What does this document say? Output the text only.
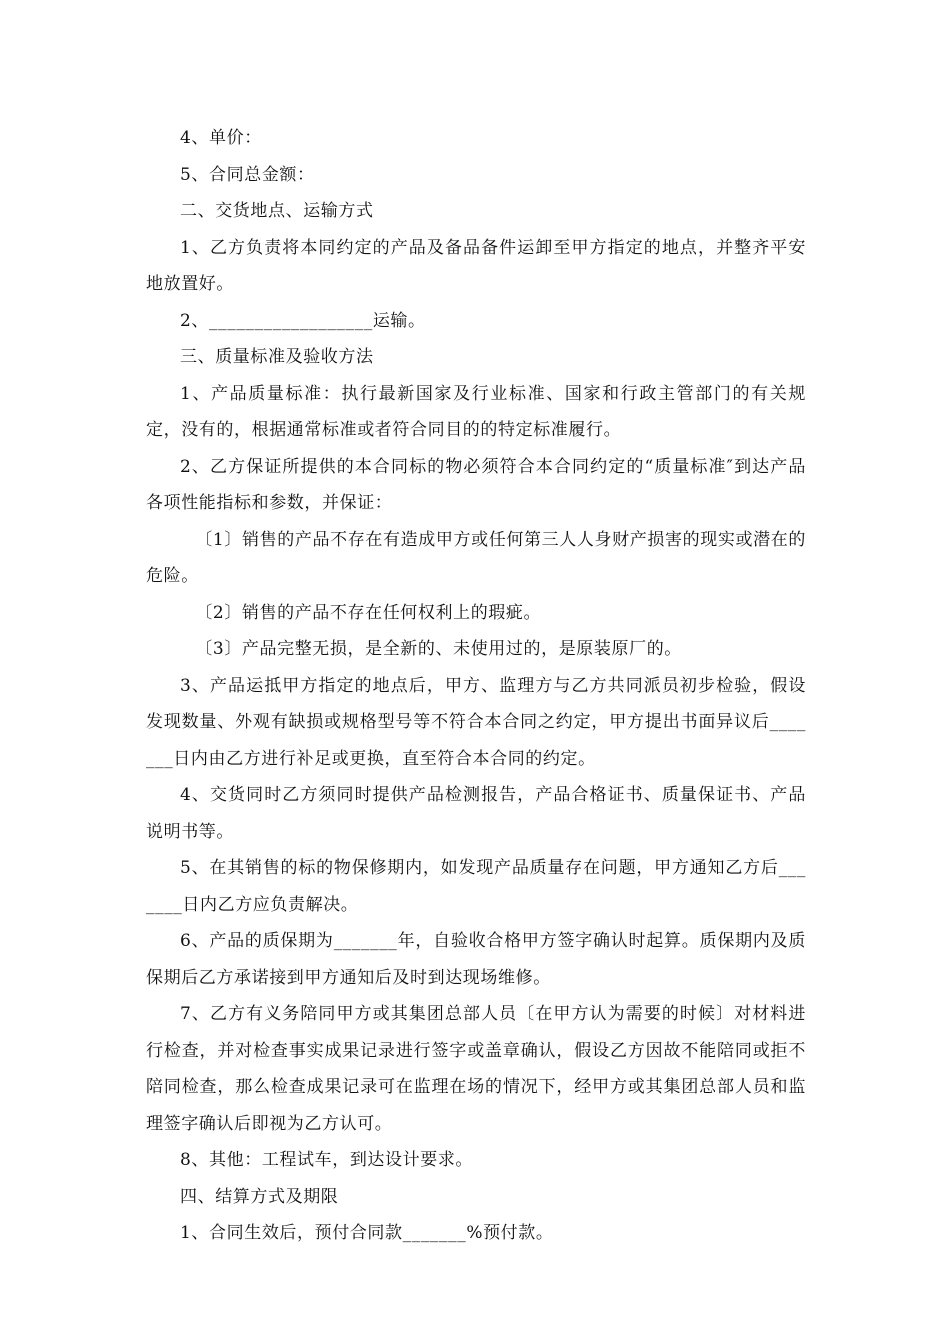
4、单价：

5、合同总金额：

二、交货地点、运输方式

1、乙方负责将本同约定的产品及备品备件运卸至甲方指定的地点，并整齐平安地放置好。

2、__________________运输。

三、质量标准及验收方法

1、产品质量标准：执行最新国家及行业标准、国家和行政主管部门的有关规定，没有的，根据通常标准或者符合同目的的特定标准履行。

2、乙方保证所提供的本合同标的物必须符合本合同约定的“质量标准″到达产品各项性能指标和参数，并保证：

〔1〕销售的产品不存在有造成甲方或任何第三人人身财产损害的现实或潜在的危险。

〔2〕销售的产品不存在任何权利上的瑕疵。

〔3〕产品完整无损，是全新的、未使用过的，是原装原厂的。

3、产品运抵甲方指定的地点后，甲方、监理方与乙方共同派员初步检验，假设发现数量、外观有缺损或规格型号等不符合本合同之约定，甲方提出书面异议后_______日内由乙方进行补足或更换，直至符合本合同的约定。

4、交货同时乙方须同时提供产品检测报告，产品合格证书、质量保证书、产品说明书等。

5、在其销售的标的物保修期内，如发现产品质量存在问题，甲方通知乙方后_______日内乙方应负责解决。

6、产品的质保期为_______年，自验收合格甲方签字确认时起算。质保期内及质保期后乙方承诺接到甲方通知后及时到达现场维修。

7、乙方有义务陪同甲方或其集团总部人员〔在甲方认为需要的时候〕对材料进行检查，并对检查事实成果记录进行签字或盖章确认，假设乙方因故不能陪同或拒不陪同检查，那么检查成果记录可在监理在场的情况下，经甲方或其集团总部人员和监理签字确认后即视为乙方认可。

8、其他：工程试车，到达设计要求。

四、结算方式及期限

1、合同生效后，预付合同款_______%预付款。
